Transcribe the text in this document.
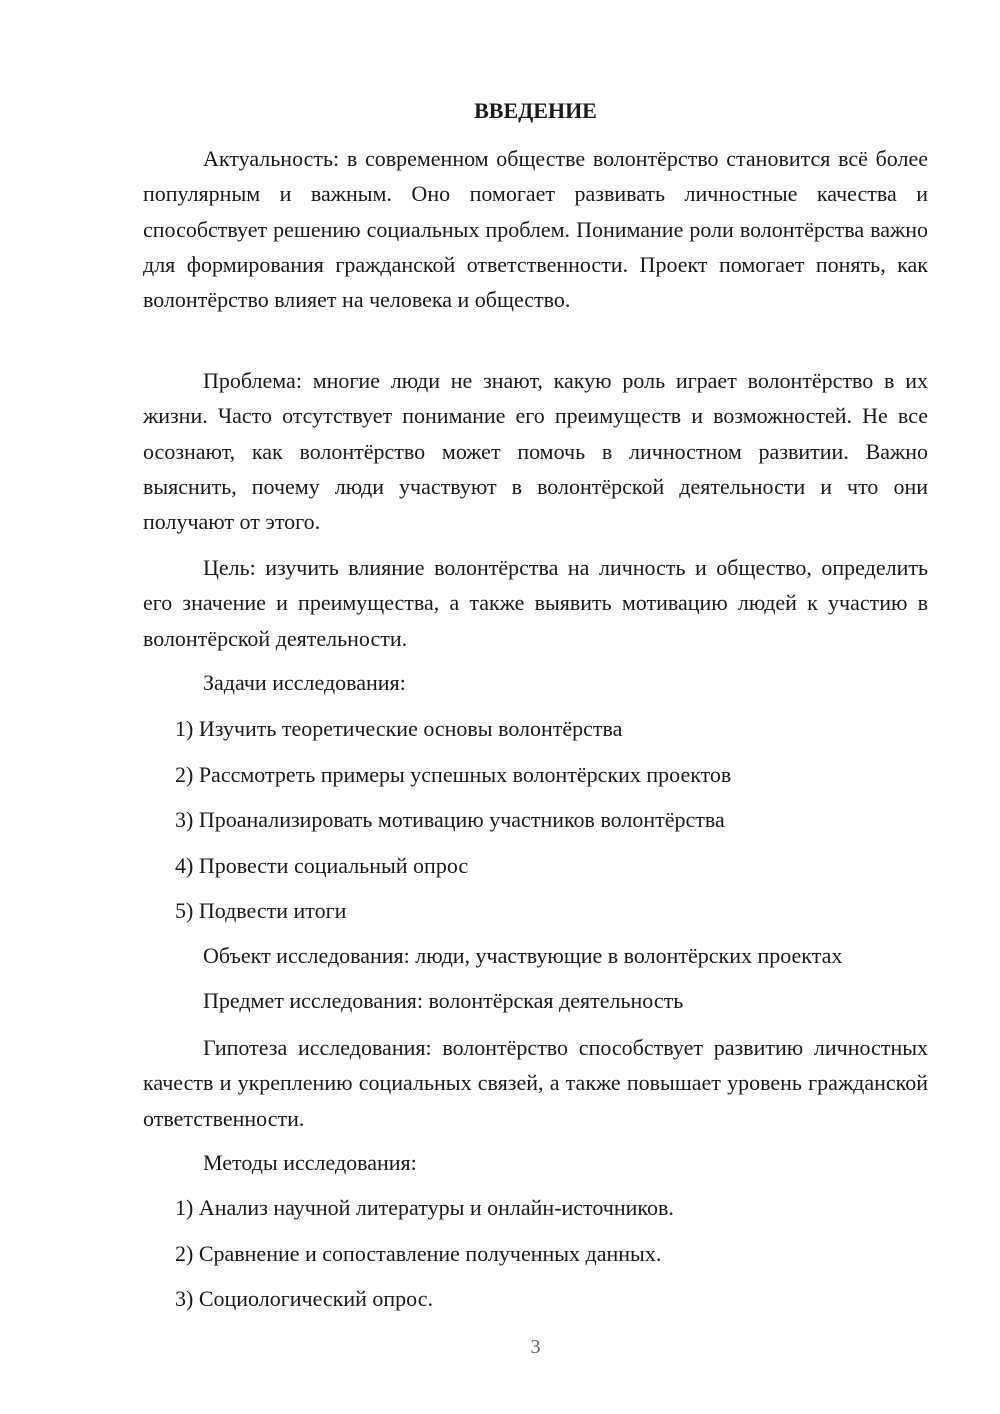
ВВЕДЕНИЕ

Актуальность: в современном обществе волонтёрство становится всё более популярным и важным. Оно помогает развивать личностные качества и способствует решению социальных проблем. Понимание роли волонтёрства важно для формирования гражданской ответственности. Проект помогает понять, как волонтёрство влияет на человека и общество.

Проблема: многие люди не знают, какую роль играет волонтёрство в их жизни. Часто отсутствует понимание его преимуществ и возможностей. Не все осознают, как волонтёрство может помочь в личностном развитии. Важно выяснить, почему люди участвуют в волонтёрской деятельности и что они получают от этого.

Цель: изучить влияние волонтёрства на личность и общество, определить его значение и преимущества, а также выявить мотивацию людей к участию в волонтёрской деятельности.

Задачи исследования:

1) Изучить теоретические основы волонтёрства

2) Рассмотреть примеры успешных волонтёрских проектов

3) Проанализировать мотивацию участников волонтёрства

4) Провести социальный опрос

5) Подвести итоги

Объект исследования: люди, участвующие в волонтёрских проектах

Предмет исследования: волонтёрская деятельность

Гипотеза исследования: волонтёрство способствует развитию личностных качеств и укреплению социальных связей, а также повышает уровень гражданской ответственности.

Методы исследования:

1) Анализ научной литературы и онлайн-источников.

2) Сравнение и сопоставление полученных данных.

3) Социологический опрос.

3
